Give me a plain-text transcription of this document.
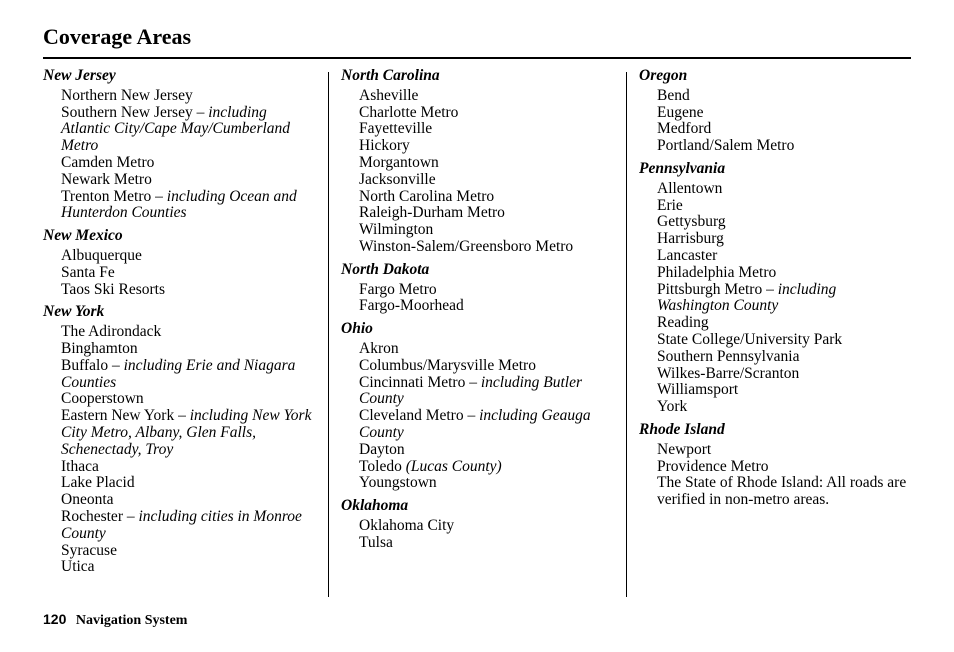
Coverage Areas
New Jersey
Northern New Jersey
Southern New Jersey – including Atlantic City/Cape May/Cumberland Metro
Camden Metro
Newark Metro
Trenton Metro – including Ocean and Hunterdon Counties
New Mexico
Albuquerque
Santa Fe
Taos Ski Resorts
New York
The Adirondack
Binghamton
Buffalo – including Erie and Niagara Counties
Cooperstown
Eastern New York – including New York City Metro, Albany, Glen Falls, Schenectady, Troy
Ithaca
Lake Placid
Oneonta
Rochester – including cities in Monroe County
Syracuse
Utica
North Carolina
Asheville
Charlotte Metro
Fayetteville
Hickory
Morgantown
Jacksonville
North Carolina Metro
Raleigh-Durham Metro
Wilmington
Winston-Salem/Greensboro Metro
North Dakota
Fargo Metro
Fargo-Moorhead
Ohio
Akron
Columbus/Marysville Metro
Cincinnati Metro – including Butler County
Cleveland Metro – including Geauga County
Dayton
Toledo (Lucas County)
Youngstown
Oklahoma
Oklahoma City
Tulsa
Oregon
Bend
Eugene
Medford
Portland/Salem Metro
Pennsylvania
Allentown
Erie
Gettysburg
Harrisburg
Lancaster
Philadelphia Metro
Pittsburgh Metro – including Washington County
Reading
State College/University Park
Southern Pennsylvania
Wilkes-Barre/Scranton
Williamsport
York
Rhode Island
Newport
Providence Metro
The State of Rhode Island: All roads are verified in non-metro areas.
120 Navigation System
